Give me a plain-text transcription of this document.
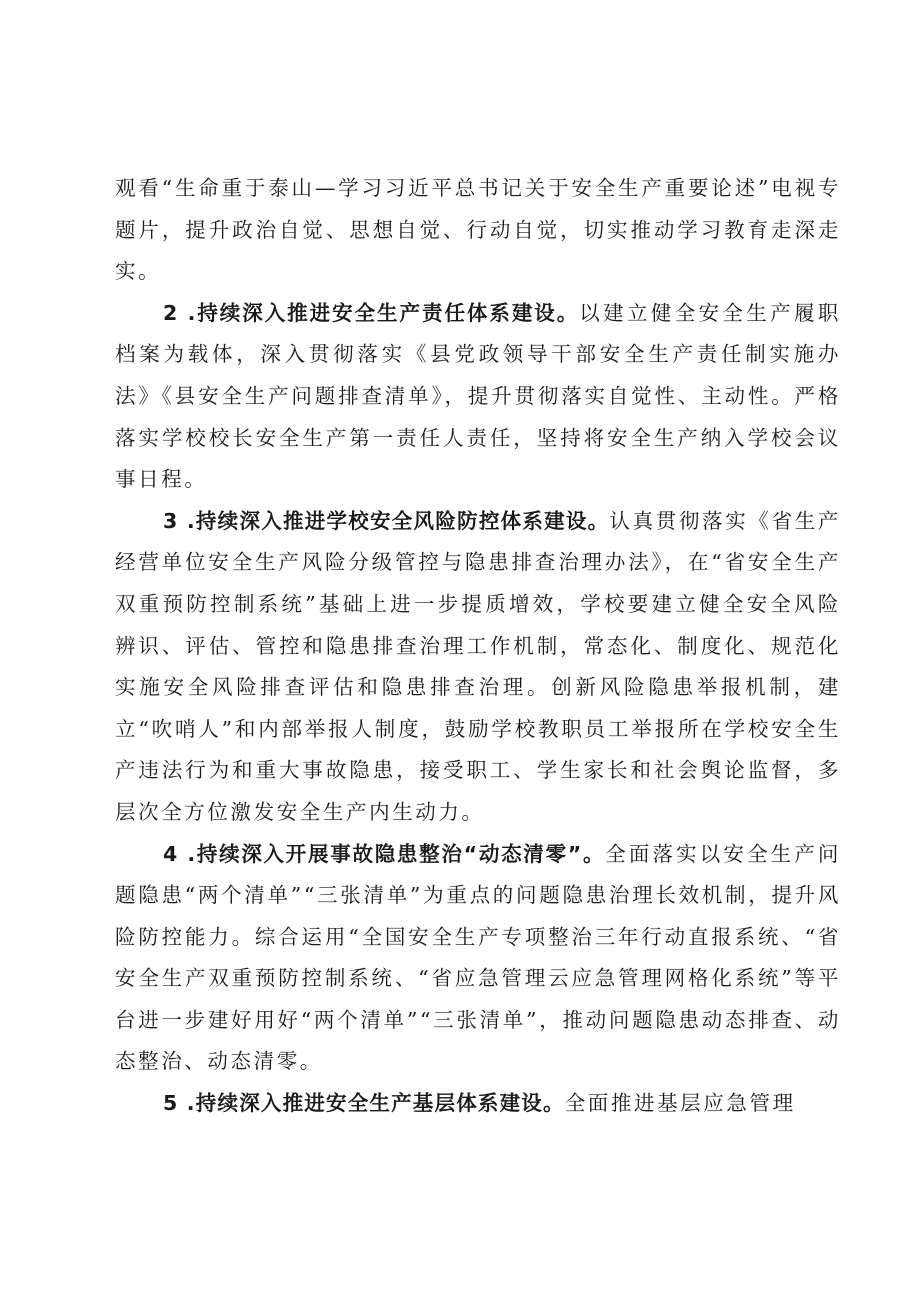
观看“生命重于泰山—学习习近平总书记关于安全生产重要论述”电视专题片，提升政治自觉、思想自觉、行动自觉，切实推动学习教育走深走实。

2 .持续深入推进安全生产责任体系建设。以建立健全安全生产履职档案为载体，深入贯彻落实《县党政领导干部安全生产责任制实施办法》《县安全生产问题排查清单》，提升贯彻落实自觉性、主动性。严格落实学校校长安全生产第一责任人责任，坚持将安全生产纳入学校会议事日程。

3 .持续深入推进学校安全风险防控体系建设。认真贯彻落实《省生产经营单位安全生产风险分级管控与隐患排查治理办法》，在“省安全生产双重预防控制系统”基础上进一步提质增效，学校要建立健全安全风险辨识、评估、管控和隐患排查治理工作机制，常态化、制度化、规范化实施安全风险排查评估和隐患排查治理。创新风险隐患举报机制，建立“吹哨人”和内部举报人制度，鼓励学校教职员工举报所在学校安全生产违法行为和重大事故隐患，接受职工、学生家长和社会舆论监督，多层次全方位激发安全生产内生动力。

4 .持续深入开展事故隐患整治“动态清零”。全面落实以安全生产问题隐患“两个清单”“三张清单”为重点的问题隐患治理长效机制，提升风险防控能力。综合运用“全国安全生产专项整治三年行动直报系统、“省安全生产双重预防控制系统、“省应急管理云应急管理网格化系统”等平台进一步建好用好“两个清单”“三张清单”，推动问题隐患动态排查、动态整治、动态清零。

5 .持续深入推进安全生产基层体系建设。全面推进基层应急管理
